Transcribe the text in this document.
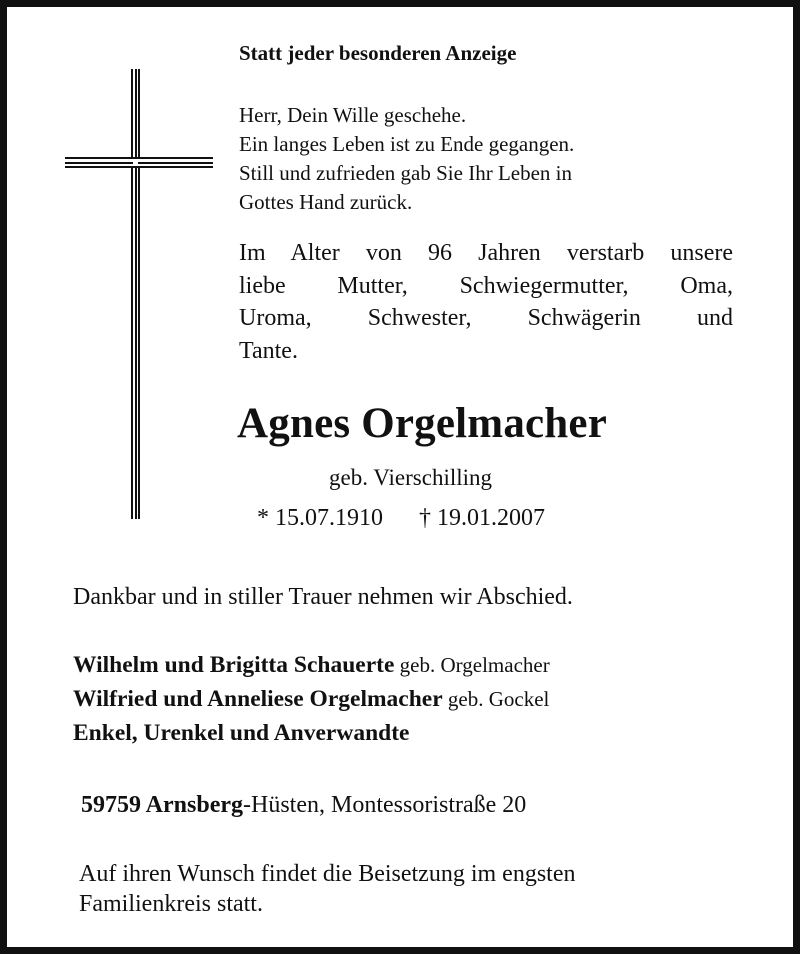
Statt jeder besonderen Anzeige
Herr, Dein Wille geschehe.
Ein langes Leben ist zu Ende gegangen.
Still und zufrieden gab Sie Ihr Leben in
Gottes Hand zurück.
Im Alter von 96 Jahren verstarb unsere
liebe Mutter, Schwiegermutter, Oma,
Uroma, Schwester, Schwägerin und
Tante.
Agnes Orgelmacher
geb. Vierschilling
* 15.07.1910 † 19.01.2007
Dankbar und in stiller Trauer nehmen wir Abschied.
Wilhelm und Brigitta Schauerte geb. Orgelmacher
Wilfried und Anneliese Orgelmacher geb. Gockel
Enkel, Urenkel und Anverwandte
59759 Arnsberg-Hüsten, Montessoristraße 20
Auf ihren Wunsch findet die Beisetzung im engsten
Familienkreis statt.
